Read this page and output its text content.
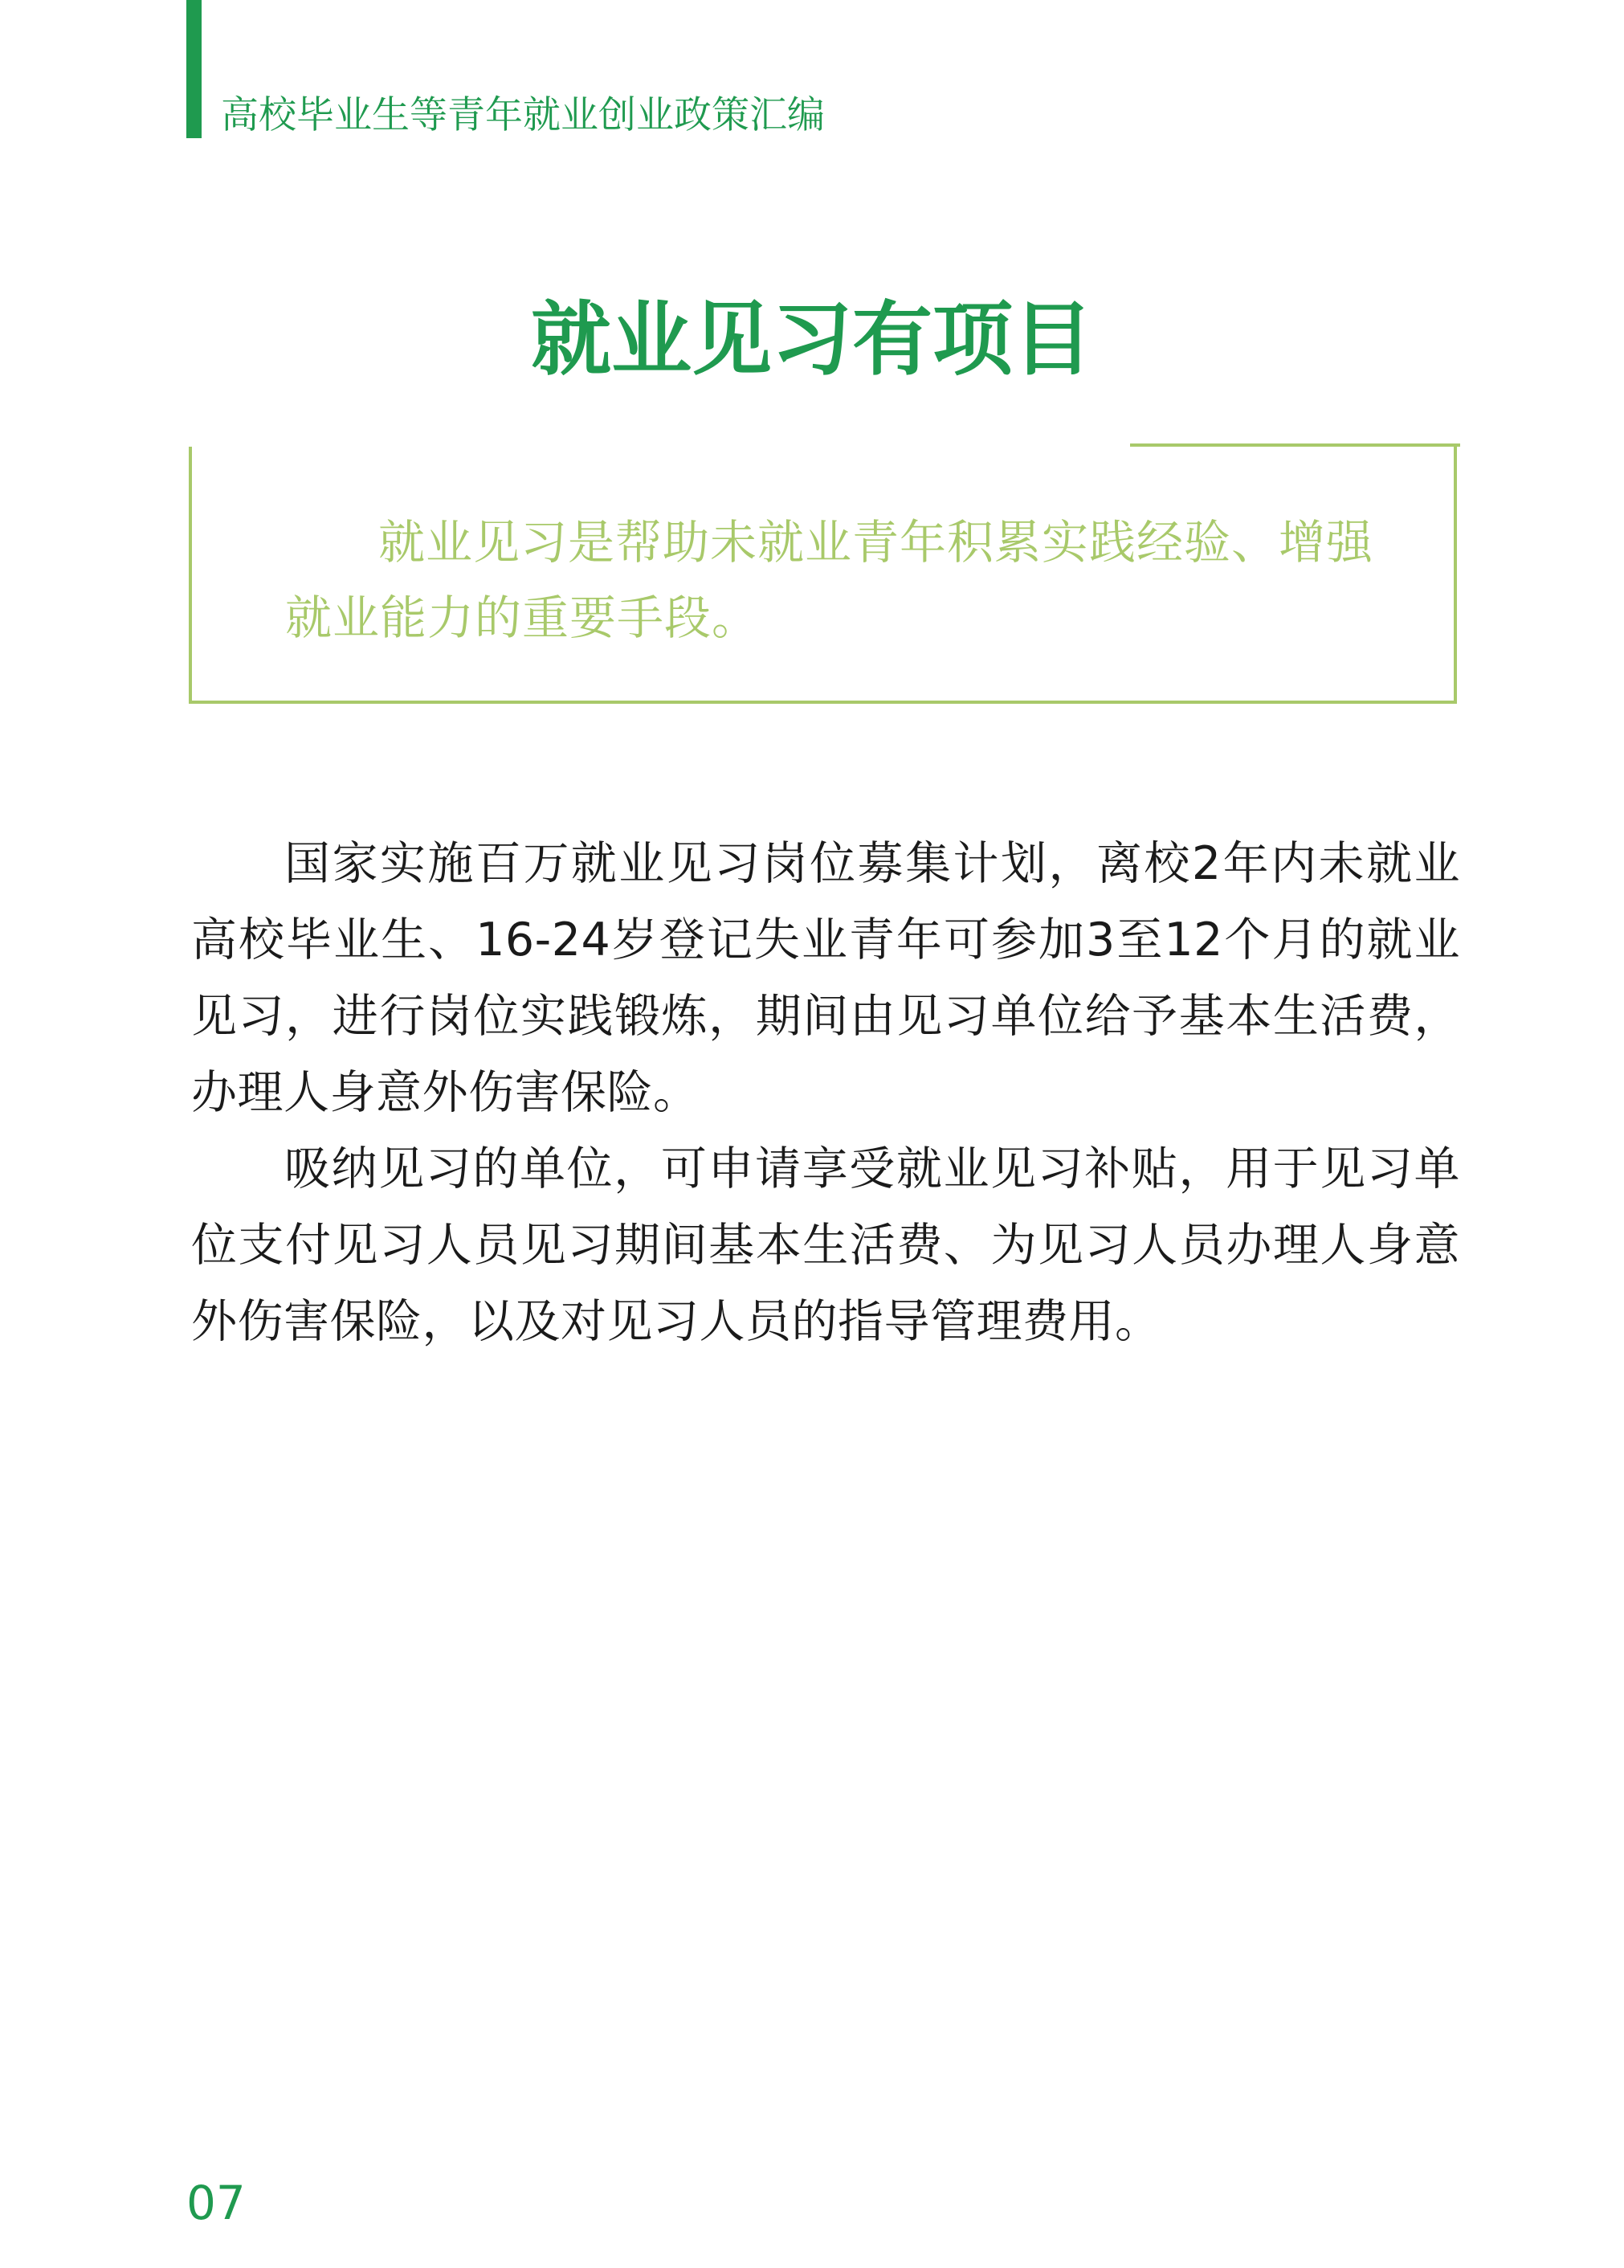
高校毕业生等青年就业创业政策汇编
就业见习有项目
就业见习是帮助未就业青年积累实践经验、增强就业能力的重要手段。

国家实施百万就业见习岗位募集计划，离校2年内未就业高校毕业生、16-24岁登记失业青年可参加3至12个月的就业见习，进行岗位实践锻炼，期间由见习单位给予基本生活费，办理人身意外伤害保险。

吸纳见习的单位，可申请享受就业见习补贴，用于见习单位支付见习人员见习期间基本生活费、为见习人员办理人身意外伤害保险，以及对见习人员的指导管理费用。

07
